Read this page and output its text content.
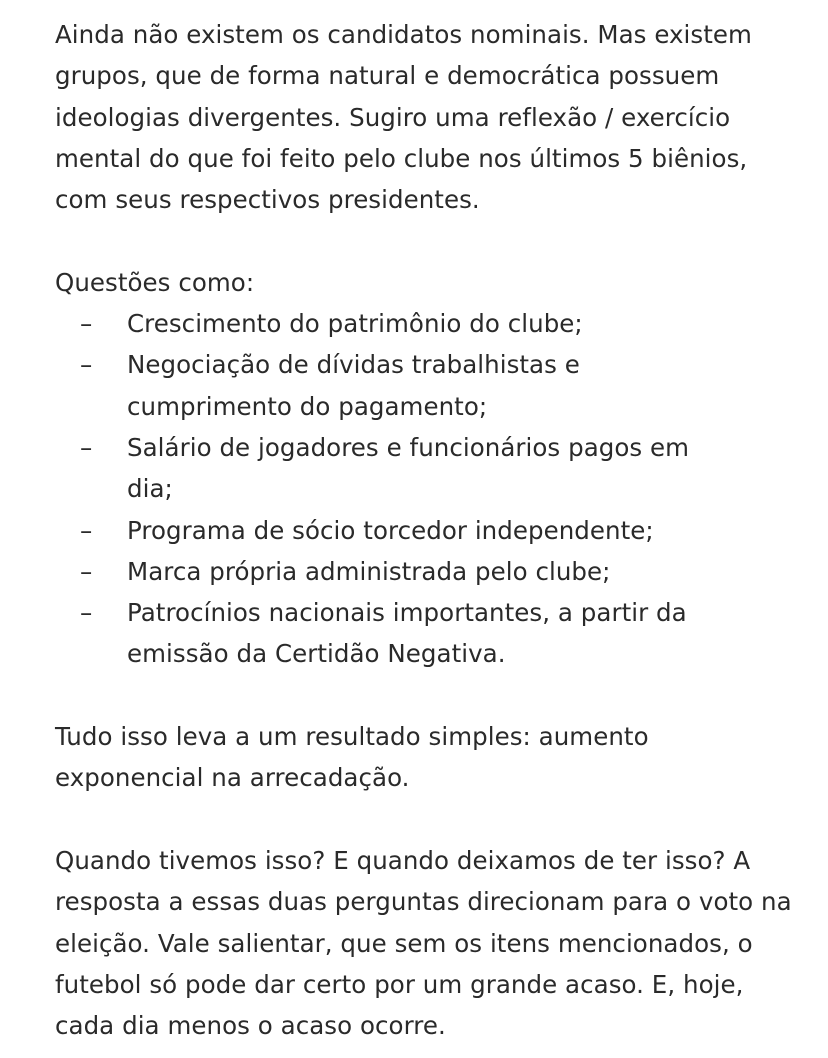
Ainda não existem os candidatos nominais. Mas existem grupos, que de forma natural e democrática possuem ideologias divergentes. Sugiro uma reflexão / exercício mental do que foi feito pelo clube nos últimos 5 biênios, com seus respectivos presidentes.

Questões como:

– Crescimento do patrimônio do clube;
– Negociação de dívidas trabalhistas e cumprimento do pagamento;
– Salário de jogadores e funcionários pagos em dia;
– Programa de sócio torcedor independente;
– Marca própria administrada pelo clube;
– Patrocínios nacionais importantes, a partir da emissão da Certidão Negativa.

Tudo isso leva a um resultado simples: aumento exponencial na arrecadação.

Quando tivemos isso? E quando deixamos de ter isso? A resposta a essas duas perguntas direcionam para o voto na eleição. Vale salientar, que sem os itens mencionados, o futebol só pode dar certo por um grande acaso. E, hoje, cada dia menos o acaso ocorre.
